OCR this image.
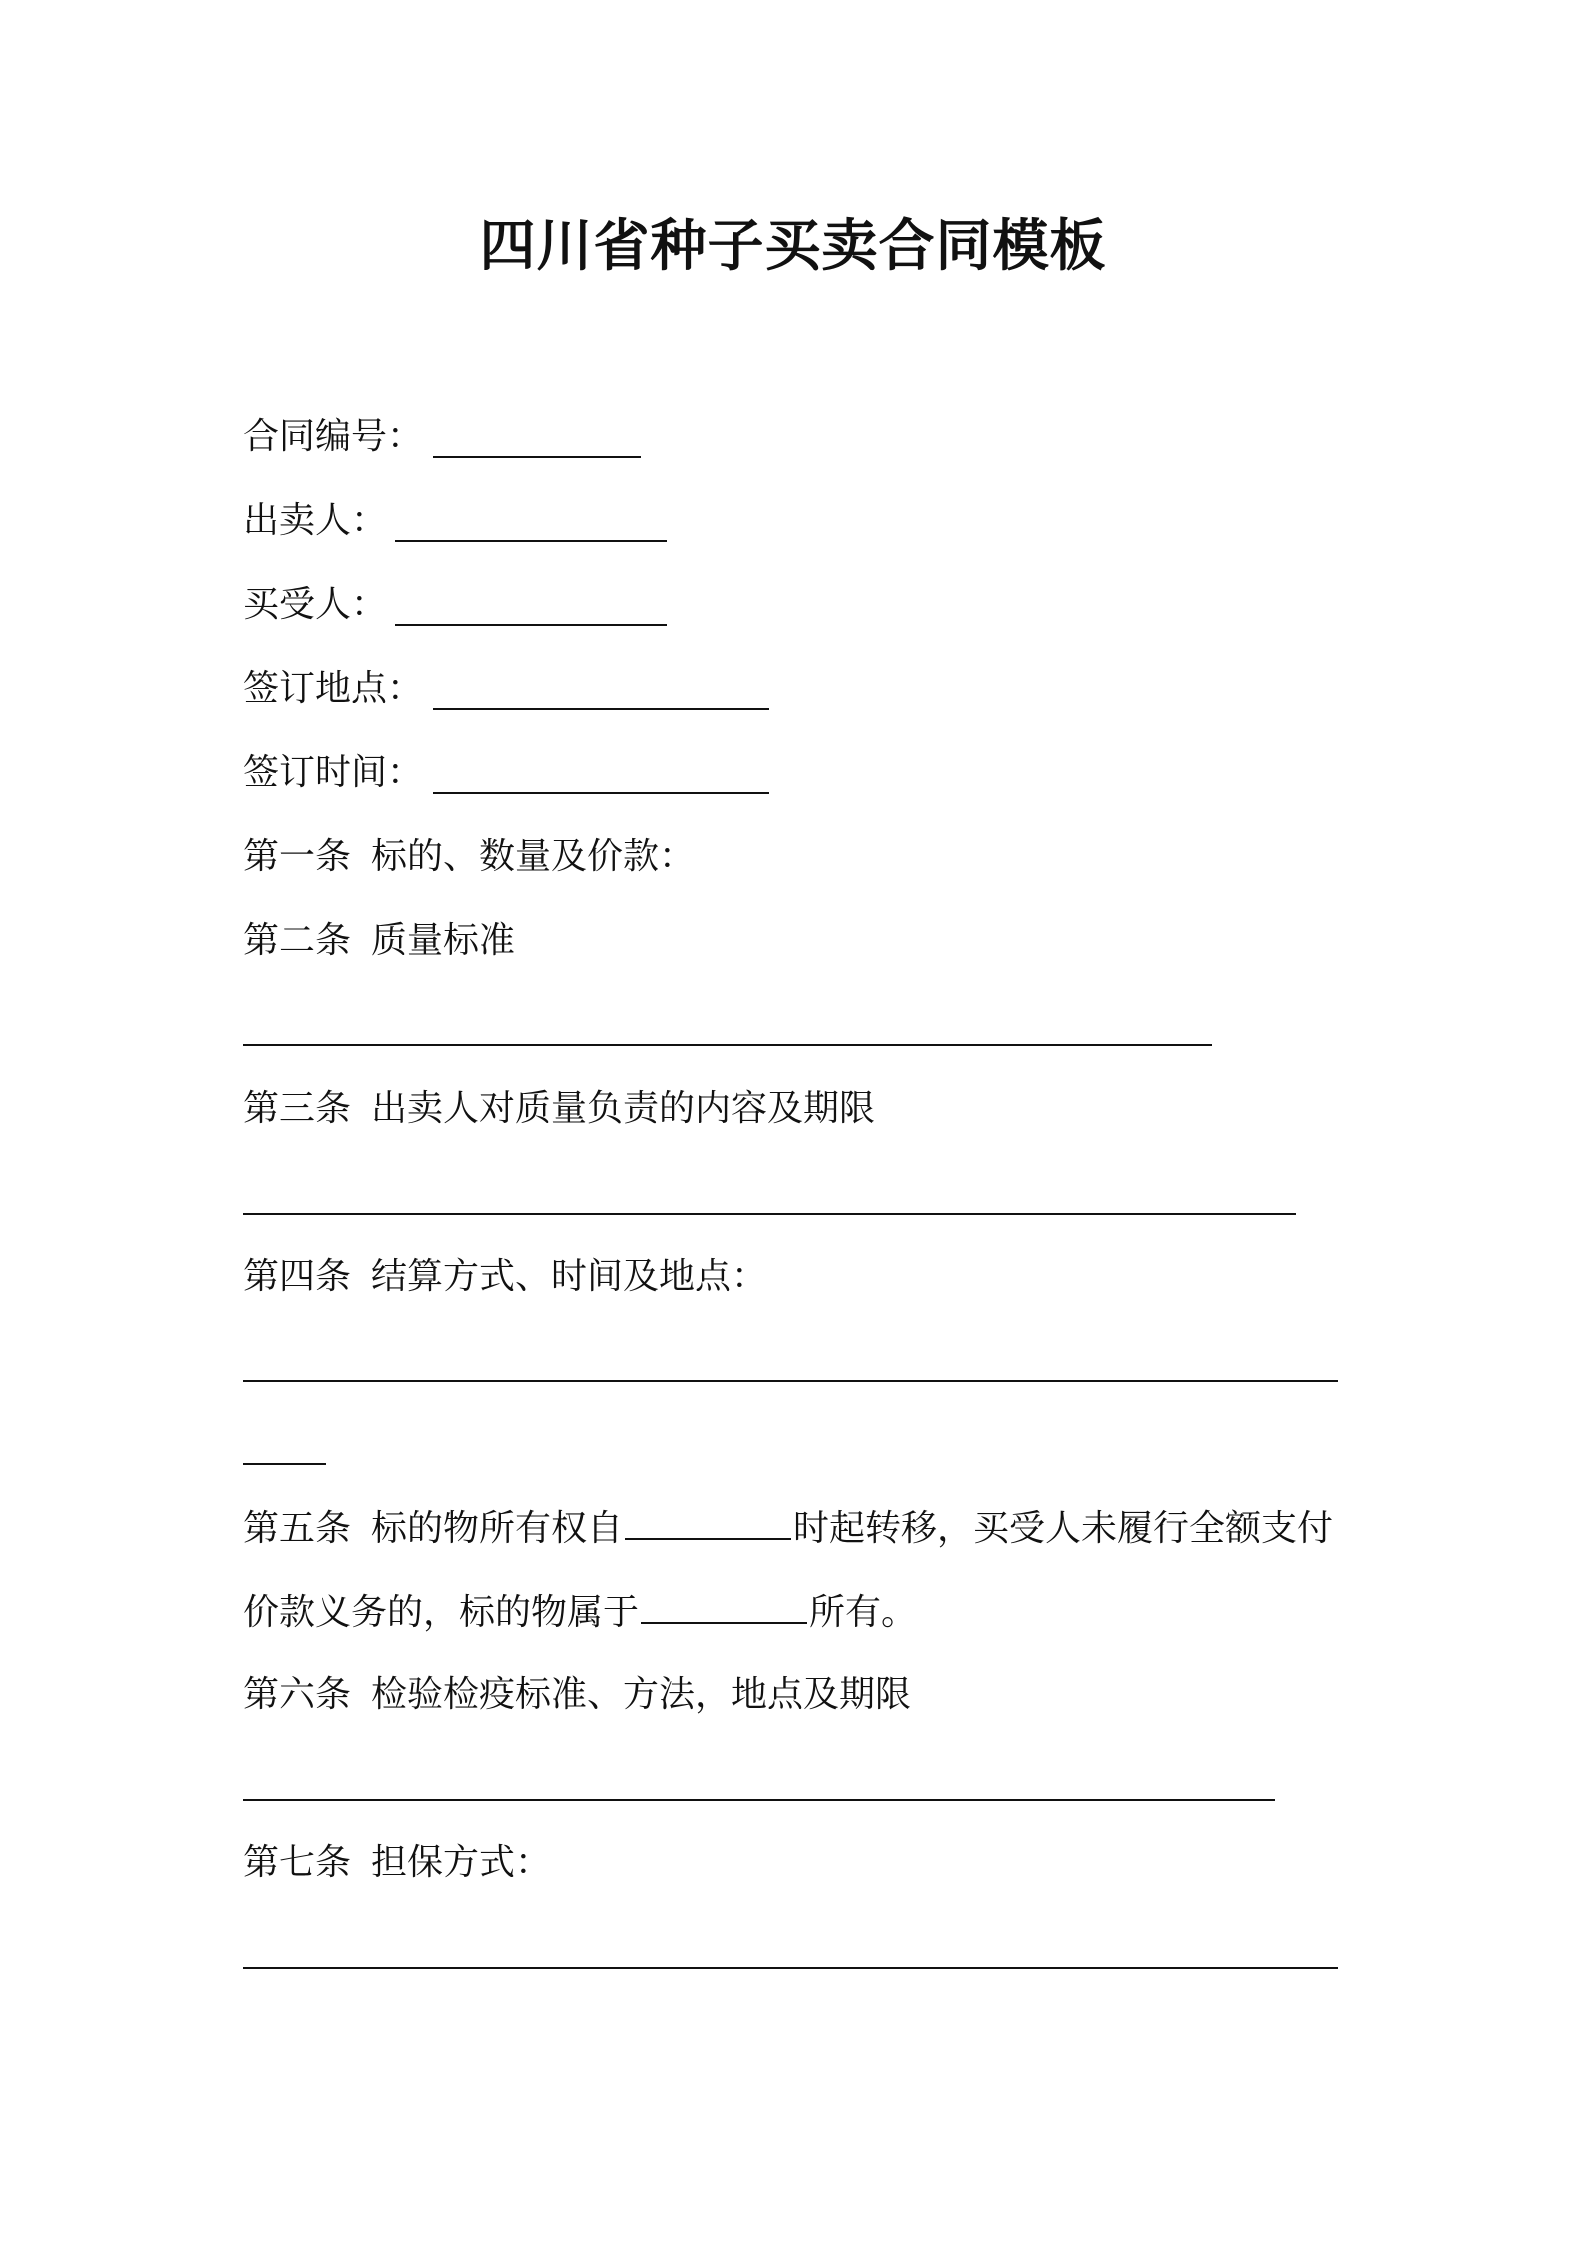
四川省种子买卖合同模板
合同编号：
出卖人：
买受人：
签订地点：
签订时间：
第一条 标的、数量及价款：
第二条 质量标准
第三条 出卖人对质量负责的内容及期限
第四条 结算方式、时间及地点：
第五条 标的物所有权自	时起转移，买受人未履行全额支付
价款义务的，标的物属于	所有。
第六条 检验检疫标准、方法，地点及期限
第七条 担保方式：
